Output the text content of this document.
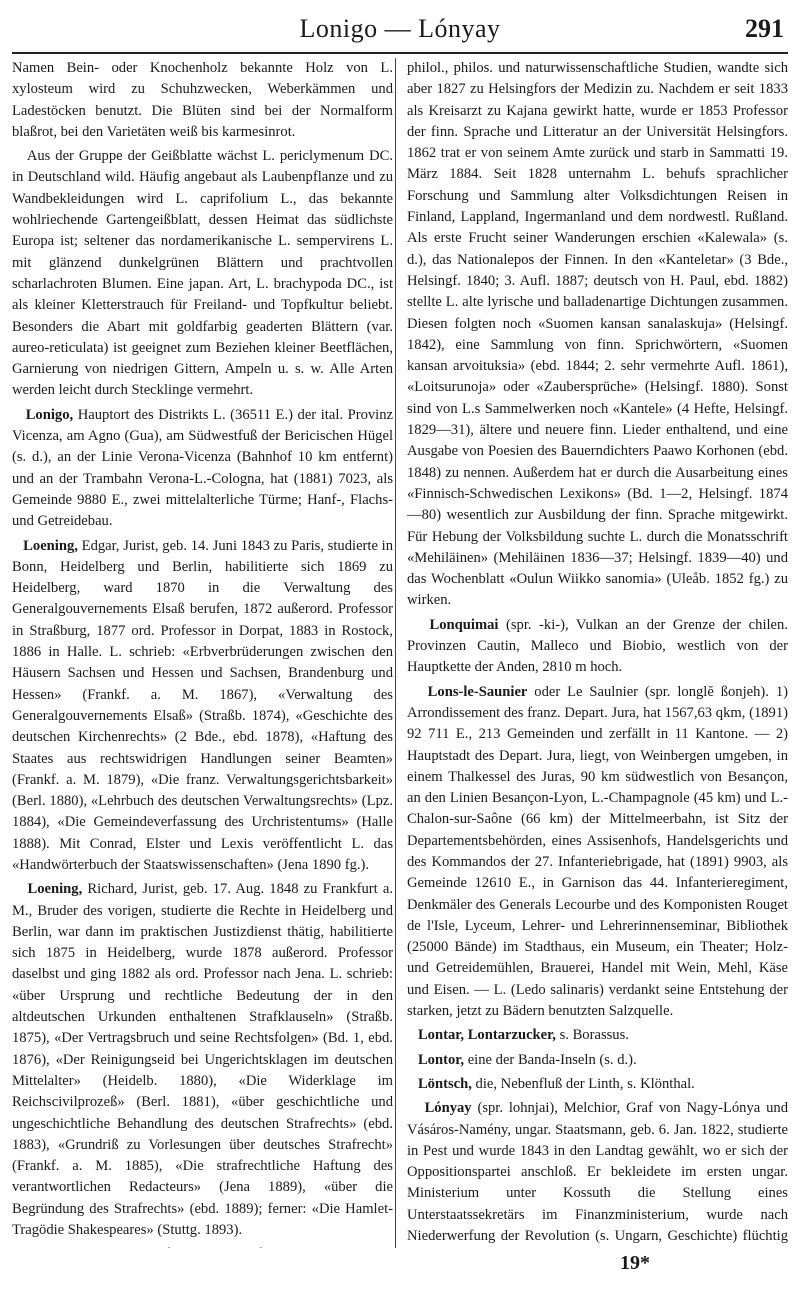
Lonigo — Lónyay	291

Namen Bein- oder Knochenholz bekannte Holz von L. xylosteum wird zu Schuhzwecken, Weberkämmen und Ladestöcken benutzt. Die Blüten sind bei der Normalform blaßrot, bei den Varietäten weiß bis karmesinrot.

Aus der Gruppe der Geißblatte wächst L. periclymenum DC. in Deutschland wild. Häufig angebaut als Laubenpflanze und zu Wandbekleidungen wird L. caprifolium L., das bekannte wohlriechende Gartengeißblatt, dessen Heimat das südlichste Europa ist; seltener das nordamerikanische L. sempervirens L. mit glänzend dunkelgrünen Blättern und prachtvollen scharlachroten Blumen. Eine japan. Art, L. brachypoda DC., ist als kleiner Kletterstrauch für Freiland- und Topfkultur beliebt. Besonders die Abart mit goldfarbig geaderten Blättern (var. aureo-reticulata) ist geeignet zum Beziehen kleiner Beetflächen, Garnierung von niedrigen Gittern, Ampeln u. s. w. Alle Arten werden leicht durch Stecklinge vermehrt.

Lonigo, Hauptort des Distrikts L. (36511 E.) der ital. Provinz Vicenza, am Agno (Gua), am Südwestfuß der Bericischen Hügel (s. d.), an der Linie Verona-Vicenza (Bahnhof 10 km entfernt) und an der Trambahn Verona-L.-Cologna, hat (1881) 7023, als Gemeinde 9880 E., zwei mittelalterliche Türme; Hanf-, Flachs- und Getreidebau.

Loening, Edgar, Jurist, geb. 14. Juni 1843 zu Paris, studierte in Bonn, Heidelberg und Berlin, habilitierte sich 1869 zu Heidelberg, ward 1870 in die Verwaltung des Generalgouvernements Elsaß berufen, 1872 außerord. Professor in Straßburg, 1877 ord. Professor in Dorpat, 1883 in Rostock, 1886 in Halle. L. schrieb: «Erbverbrüderungen zwischen den Häusern Sachsen und Hessen und Sachsen, Brandenburg und Hessen» (Frankf. a. M. 1867), «Verwaltung des Generalgouvernements Elsaß» (Straßb. 1874), «Geschichte des deutschen Kirchenrechts» (2 Bde., ebd. 1878), «Haftung des Staates aus rechtswidrigen Handlungen seiner Beamten» (Frankf. a. M. 1879), «Die franz. Verwaltungsgerichtsbarkeit» (Berl. 1880), «Lehrbuch des deutschen Verwaltungsrechts» (Lpz. 1884), «Die Gemeindeverfassung des Urchristentums» (Halle 1888). Mit Conrad, Elster und Lexis veröffentlicht L. das «Handwörterbuch der Staatswissenschaften» (Jena 1890 fg.).

Loening, Richard, Jurist, geb. 17. Aug. 1848 zu Frankfurt a. M., Bruder des vorigen, studierte die Rechte in Heidelberg und Berlin, war dann im praktischen Justizdienst thätig, habilitierte sich 1875 in Heidelberg, wurde 1878 außerord. Professor daselbst und ging 1882 als ord. Professor nach Jena. L. schrieb: «über Ursprung und rechtliche Bedeutung der in den altdeutschen Urkunden enthaltenen Strafklauseln» (Straßb. 1875), «Der Vertragsbruch und seine Rechtsfolgen» (Bd. 1, ebd. 1876), «Der Reinigungseid bei Ungerichtsklagen im deutschen Mittelalter» (Heidelb. 1880), «Die Widerklage im Reichscivilprozeß» (Berl. 1881), «über geschichtliche und ungeschichtliche Behandlung des deutschen Strafrechts» (ebd. 1883), «Grundriß zu Vorlesungen über deutsches Strafrecht» (Frankf. a. M. 1885), «Die strafrechtliche Haftung des verantwortlichen Redacteurs» (Jena 1889), «über die Begründung des Strafrechts» (ebd. 1889); ferner: «Die Hamlet-Tragödie Shakespeares» (Stuttg. 1893).

philol., philos. und naturwissenschaftliche Studien, wandte sich aber 1827 zu Helsingfors der Medizin zu. Nachdem er seit 1833 als Kreisarzt zu Kajana gewirkt hatte, wurde er 1853 Professor der finn. Sprache und Litteratur an der Universität Helsingfors. 1862 trat er von seinem Amte zurück und starb in Sammatti 19. März 1884. Seit 1828 unternahm L. behufs sprachlicher Forschung und Sammlung alter Volksdichtungen Reisen in Finland, Lappland, Ingermanland und dem nordwestl. Rußland. Als erste Frucht seiner Wanderungen erschien «Kalewala» (s. d.), das Nationalepos der Finnen. In den «Kanteletar» (3 Bde., Helsingf. 1840; 3. Aufl. 1887; deutsch von H. Paul, ebd. 1882) stellte L. alte lyrische und balladenartige Dichtungen zusammen. Diesen folgten noch «Suomen kansan sanalaskuja» (Helsingf. 1842), eine Sammlung von finn. Sprichwörtern, «Suomen kansan arvoituksia» (ebd. 1844; 2. sehr vermehrte Aufl. 1861), «Loitsurunoja» oder «Zaubersprüche» (Helsingf. 1880). Sonst sind von L.s Sammelwerken noch «Kantele» (4 Hefte, Helsingf. 1829—31), ältere und neuere finn. Lieder enthaltend, und eine Ausgabe von Poesien des Bauerndichters Paawo Korhonen (ebd. 1848) zu nennen. Außerdem hat er durch die Ausarbeitung eines «Finnisch-Schwedischen Lexikons» (Bd. 1—2, Helsingf. 1874—80) wesentlich zur Ausbildung der finn. Sprache mitgewirkt. Für Hebung der Volksbildung suchte L. durch die Monatsschrift «Mehiläinen» (Mehiläinen 1836—37; Helsingf. 1839—40) und das Wochenblatt «Oulun Wiikko sanomia» (Uleåb. 1852 fg.) zu wirken.

Lonquimai (spr. -ki-), Vulkan an der Grenze der chilen. Provinzen Cautin, Malleco und Biobio, westlich von der Hauptkette der Anden, 2810 m hoch.

Lons-le-Saunier oder Le Saulnier (spr. longlĕ ßonjeh). 1) Arrondissement des franz. Depart. Jura, hat 1567,63 qkm, (1891) 92 711 E., 213 Gemeinden und zerfällt in 11 Kantone. — 2) Hauptstadt des Depart. Jura, liegt, von Weinbergen umgeben, in einem Thalkessel des Juras, 90 km südwestlich von Besançon, an den Linien Besançon-Lyon, L.-Champagnole (45 km) und L.-Chalon-sur-Saône (66 km) der Mittelmeerbahn, ist Sitz der Departementsbehörden, eines Assisenhofs, Handelsgerichts und des Kommandos der 27. Infanteriebrigade, hat (1891) 9903, als Gemeinde 12610 E., in Garnison das 44. Infanterieregiment, Denkmäler des Generals Lecourbe und des Komponisten Rouget de l'Isle, Lyceum, Lehrer- und Lehrerinnenseminar, Bibliothek (25000 Bände) im Stadthaus, ein Museum, ein Theater; Holz- und Getreidemühlen, Brauerei, Handel mit Wein, Mehl, Käse und Eisen. — L. (Ledo salinaris) verdankt seine Entstehung der starken, jetzt zu Bädern benutzten Salzquelle.

Lontar, Lontarzucker, s. Borassus.

Lontor, eine der Banda-Inseln (s. d.).

Löntsch, die, Nebenfluß der Linth, s. Klönthal.

Lónyay (spr. lohnjai), Melchior, Graf von Nagy-Lónya und Vásáros-Namény, ungar. Staatsmann, geb. 6. Jan. 1822, studierte in Pest und wurde 1843 in den Landtag gewählt, wo er sich der Oppositionspartei anschloß. Er bekleidete im ersten ungar. Ministerium unter Kossuth die Stellung eines Unterstaatssekretärs im Finanzministerium, wurde nach Niederwerfung der Revolution (s. Ungarn, Geschichte) flüchtig

19*
